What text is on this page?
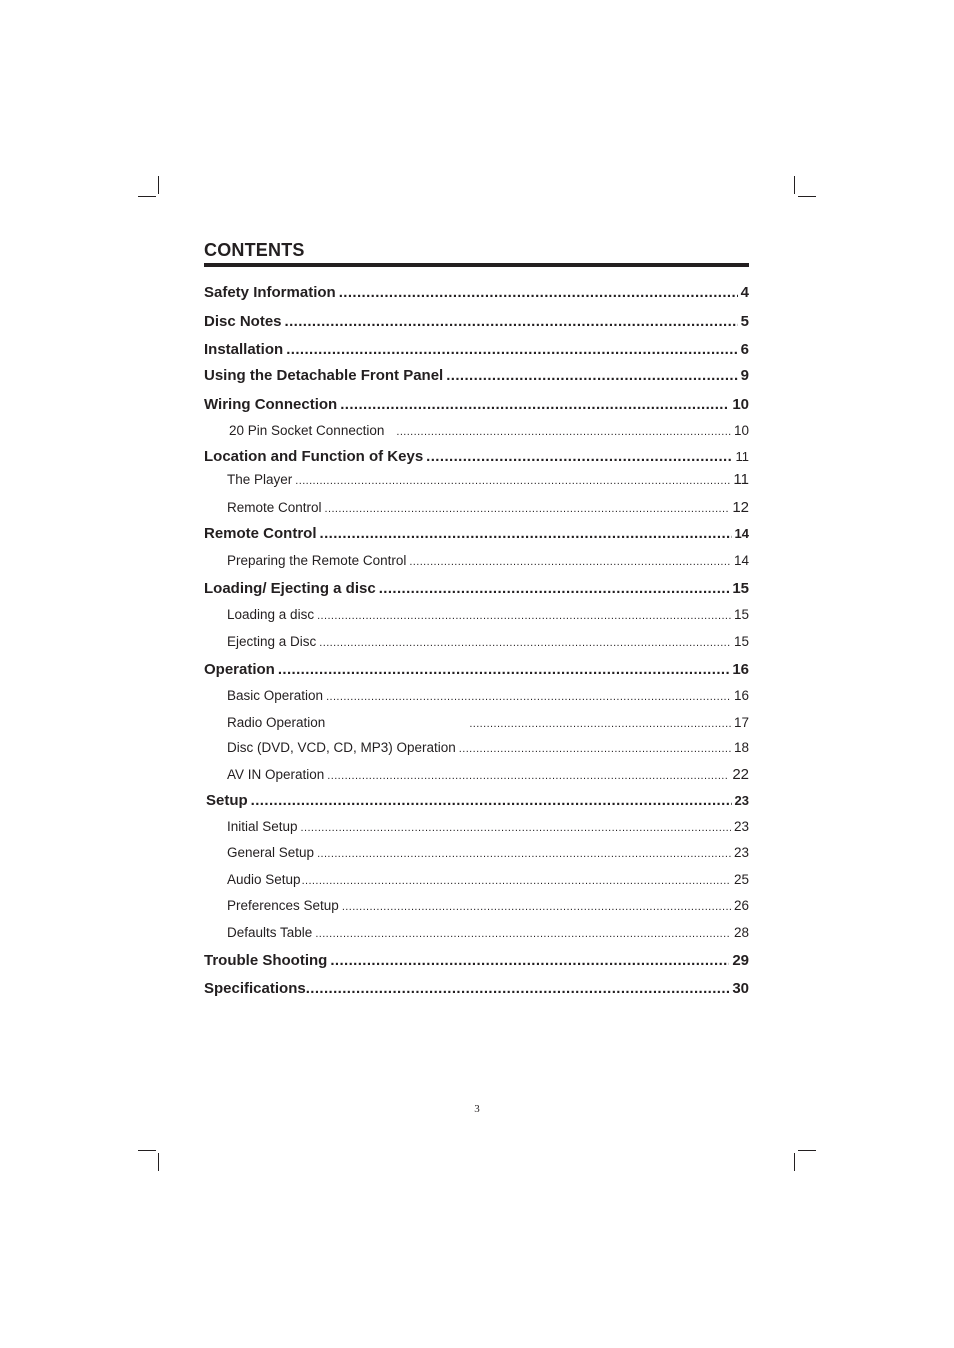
CONTENTS
Safety Information .....	4
Disc Notes .....	5
Installation .....	6
Using the Detachable Front Panel .....	9
Wiring Connection .....	10
20 Pin Socket Connection .....	10
Location and Function of Keys .....	11
The Player .....	11
Remote Control .....	12
Remote Control .....	14
Preparing the Remote Control .....	14
Loading/ Ejecting a disc .....	15
Loading a disc .....	15
Ejecting a Disc .....	15
Operation .....	16
Basic Operation .....	16
Radio Operation .....	17
Disc (DVD, VCD, CD, MP3) Operation .....	18
AV IN Operation .....	22
Setup .....	23
Initial Setup .....	23
General Setup .....	23
Audio Setup .....	25
Preferences Setup .....	26
Defaults Table .....	28
Trouble Shooting .....	29
Specifications .....	30
3
